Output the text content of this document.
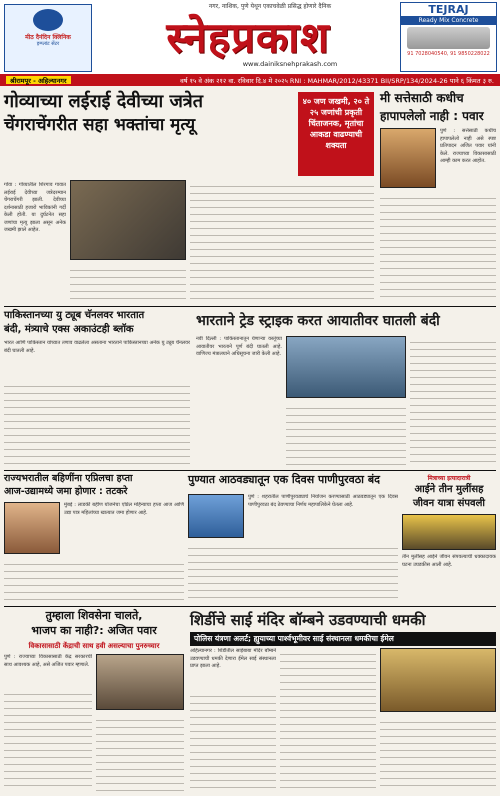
मीठ दैनंदिन क्लिनिक
इम्प्लांट सेंटर
नगर, नाशिक, पुणे येथून एकाचवेळी प्रसिद्ध होणारे दैनिक
स्नेहप्रकाश
www.dainiksnehprakash.com
TEJRAJ
Ready Mix Concrete
91 7028040540, 91 9850228022
श्रीरामपूर - अहिल्यानगर	वर्ष १५ वे अंक २१२ वा. रविवार दि.४ मे २०२५ RNI : MAHMAR/2012/43371 BII/SRP/134/2024-26 पाने ६ किंमत ३ रु.
गोव्याच्या लईराई देवीच्या जत्रेत
चेंगराचेंगरीत सहा भक्तांचा मृत्यू
४० जण जखमी, २० ते २५ जणांची प्रकृती चिंताजनक, मृतांचा आकडा वाढण्याची शक्यता
गोवा : गोव्यातील शिरगाव गावात लईराई देवीच्या जत्रेदरम्यान चेंगराचेंगरी झाली. देवीच्या दर्शनासाठी हजारो भाविकांनी गर्दी केली होती. या दुर्घटनेत सहा जणांचा मृत्यू झाला असून अनेक जखमी झाले आहेत.
मी सत्तेसाठी कधीच
हापापलेलो नाही : पवार
पुणे : सत्तेसाठी कधीच हापापलेलो नाही असे स्पष्ट प्रतिपादन अजित पवार यांनी केले. राज्याच्या विकासासाठी आम्ही काम करत आहोत.
पाकिस्तानच्या यु ट्यूब चॅनलवर भारतात
बंदी, मंत्र्याचे एक्स अकाउंटही ब्लॉक
भारत आणि पाकिस्तान यांच्यात तणाव वाढलेला असताना भारताने पाकिस्तानच्या अनेक यु ट्यूब चॅनलवर बंदी घातली आहे.
भारताने ट्रेड स्ट्राइक करत आयातीवर घातली बंदी
नवी दिल्ली : पाकिस्तानातून येणाऱ्या वस्तूंच्या आयातीवर भारताने पूर्ण बंदी घातली आहे. वाणिज्य मंत्रालयाने अधिसूचना जारी केली आहे.
राज्यभरातील बहिणींना एप्रिलचा हप्ता
आज-उद्यामध्ये जमा होणार : तटकरे
मुंबई : लाडकी बहीण योजनेचा एप्रिल महिन्याचा हप्ता आज आणि उद्या पात्र महिलांच्या खात्यात जमा होणार आहे.
पुण्यात आठवड्यातून एक दिवस पाणीपुरवठा बंद
पुणे : शहरातील पाणीपुरवठ्याचे नियोजन करण्यासाठी आठवड्यातून एक दिवस पाणीपुरवठा बंद ठेवण्याचा निर्णय महापालिकेने घेतला आहे.
मित्राच्या इत्यादारात्री
आईने तीन मुलींसह
जीवन यात्रा संपवली
तीन मुलींसह आईने जीवन संपवल्याची धक्कादायक घटना उघडकीस आली आहे.
तुम्हाला शिवसेना चालते,
भाजप का नाही?: अजित पवार
विकासासाठी केंद्राची साथ हवी असल्याचा पुनरुच्चार
पुणे : राज्याच्या विकासासाठी केंद्र सरकारची साथ आवश्यक आहे, असे अजित पवार म्हणाले.
शिर्डीचे साई मंदिर बॉम्बने उडवण्याची धमकी
पोलिस यंत्रणा अलर्ट; ह्युयाच्या पार्श्वभूमीवर साई संस्थानला धमकीचा ईमेल
अहिल्यानगर : शिर्डीतील साईबाबा मंदिर बॉम्बने उडवण्याची धमकी देणारा ईमेल साई संस्थानला प्राप्त झाला आहे.
